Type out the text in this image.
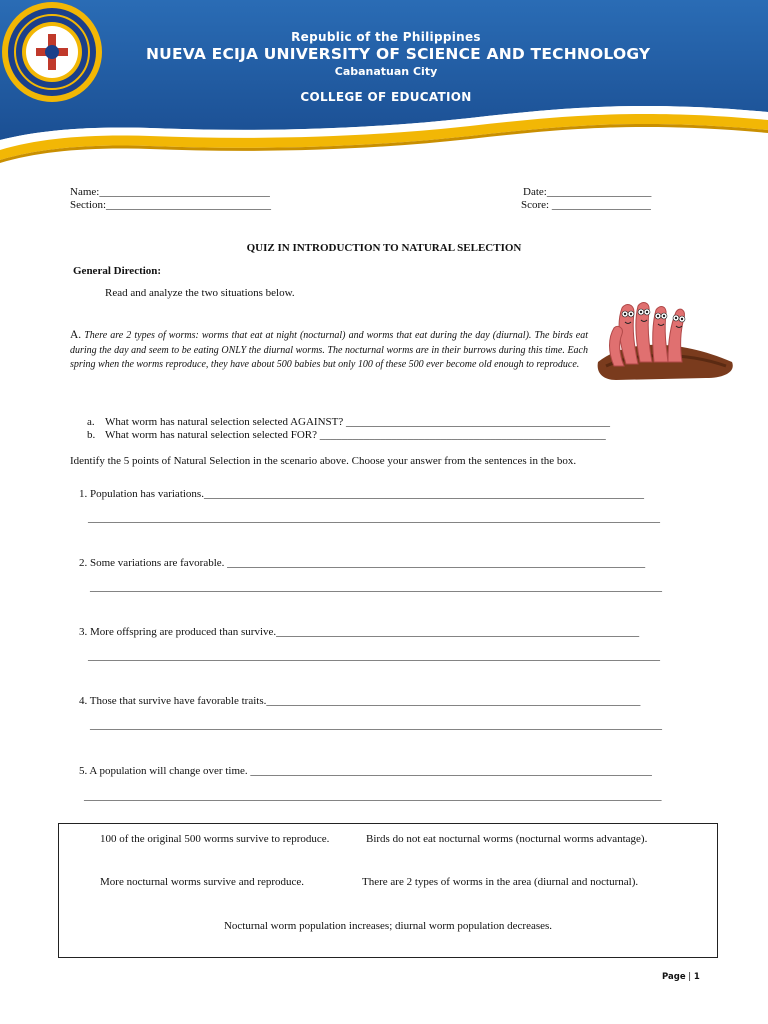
Republic of the Philippines
NUEVA ECIJA UNIVERSITY OF SCIENCE AND TECHNOLOGY
Cabanatuan City
COLLEGE OF EDUCATION
Name:_______________________________
Section:______________________________
Date:___________________
Score: __________________
QUIZ IN INTRODUCTION TO NATURAL SELECTION
General Direction:
Read and analyze the two situations below.
A. There are 2 types of worms: worms that eat at night (nocturnal) and worms that eat during the day (diurnal). The birds eat during the day and seem to be eating ONLY the diurnal worms. The nocturnal worms are in their burrows during this time. Each spring when the worms reproduce, they have about 500 babies but only 100 of these 500 ever become old enough to reproduce.
a. What worm has natural selection selected AGAINST? ________________________________________________
b. What worm has natural selection selected FOR? ____________________________________________________
Identify the 5 points of Natural Selection in the scenario above. Choose your answer from the sentences in the box.
1. Population has variations.________________________________________________________________________________
________________________________________________________________________________________________________
2. Some variations are favorable. ____________________________________________________________________________
________________________________________________________________________________________________________
3. More offspring are produced than survive.__________________________________________________________________
________________________________________________________________________________________________________
4. Those that survive have favorable traits.____________________________________________________________________
________________________________________________________________________________________________________
5. A population will change over time. _________________________________________________________________________
_________________________________________________________________________________________________________
100 of the original 500 worms survive to reproduce.	Birds do not eat nocturnal worms (nocturnal worms advantage).
More nocturnal worms survive and reproduce.	There are 2 types of worms in the area (diurnal and nocturnal).
Nocturnal worm population increases; diurnal worm population decreases.
Page | 1
